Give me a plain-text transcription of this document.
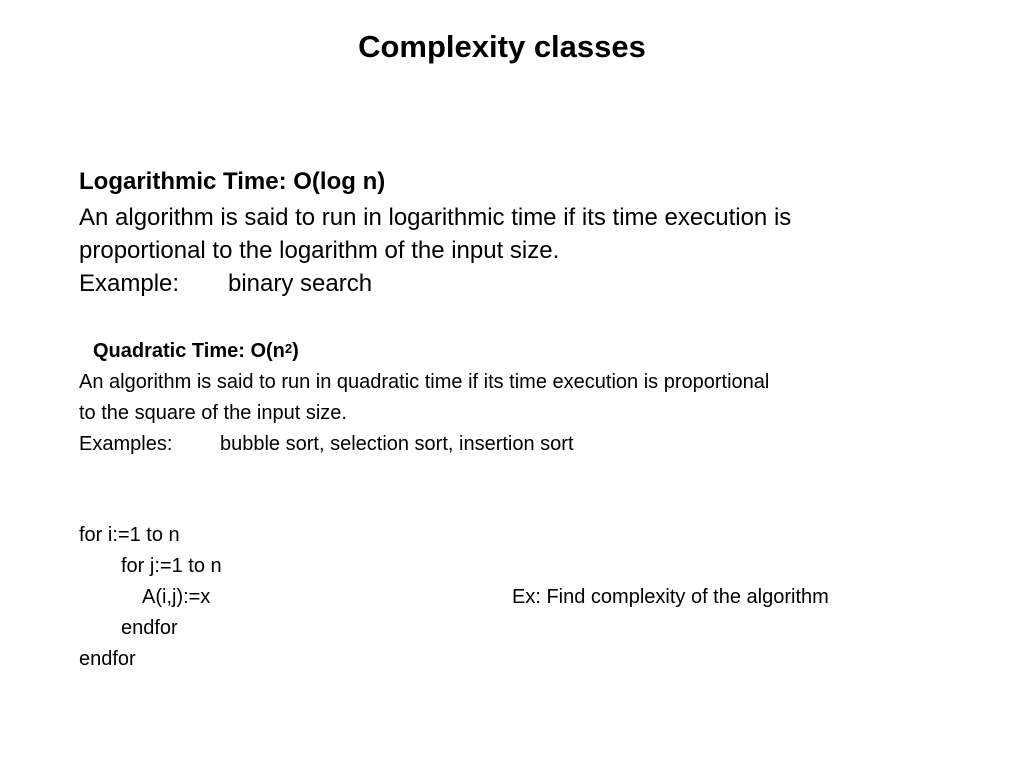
Complexity classes
Logarithmic Time: O(log n)
An algorithm is said to run in logarithmic time if its time execution is
proportional to the logarithm of the input size.
Example: binary search
Quadratic Time: $O(n^2)$
An algorithm is said to run in quadratic time if its time execution is proportional
to the square of the input size.
Examples: bubble sort, selection sort, insertion sort
for i:=1 to n
for j:=1 to n
A(i,j):=x
endfor
endfor
Ex: Find complexity of the algorithm
